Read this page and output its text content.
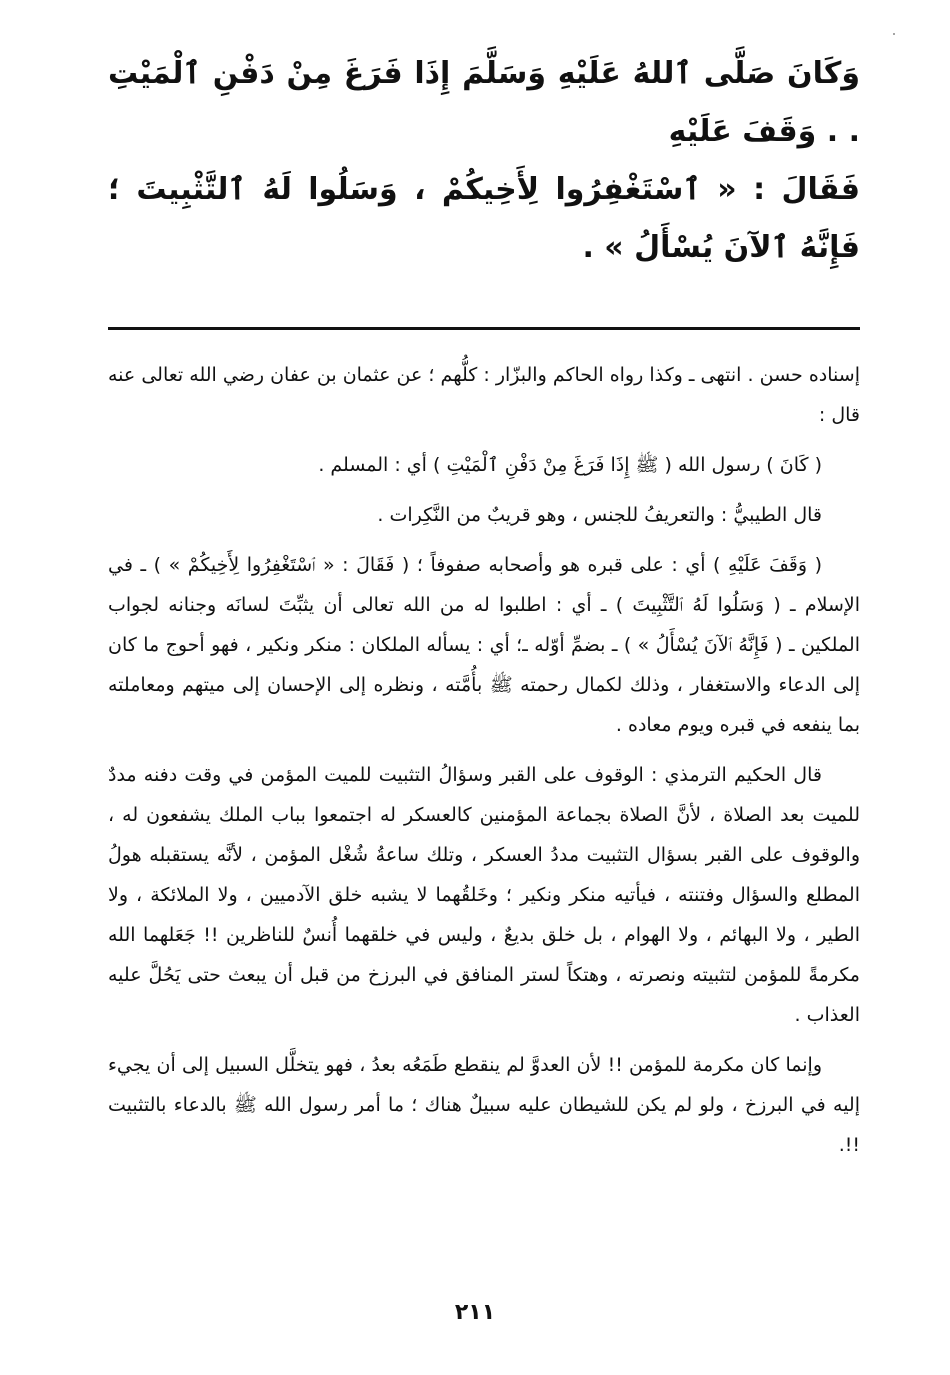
وَكَانَ صَلَّى ٱللهُ عَلَيْهِ وَسَلَّمَ إِذَا فَرَغَ مِنْ دَفْنِ ٱلْمَيْتِ . . وَقَفَ عَلَيْهِ

فَقَالَ : « ٱسْتَغْفِرُوا لِأَخِيكُمْ ، وَسَلُوا لَهُ ٱلتَّثْبِيتَ ؛ فَإِنَّهُ ٱلآنَ يُسْأَلُ » .

إسناده حسن . انتهى ـ وكذا رواه الحاكم والبزّار : كلُّهم ؛ عن عثمان بن عفان رضي الله تعالى عنه قال :

( كَانَ ) رسول الله ( ﷺ إِذَا فَرَغَ مِنْ دَفْنِ ٱلْمَيْتِ ) أي : المسلم .

قال الطيبيُّ : والتعريفُ للجنس ، وهو قريبٌ من النَّكِرات .

( وَقَفَ عَلَيْهِ ) أي : على قبره هو وأصحابه صفوفاً ؛ ( فَقَالَ : « ٱسْتَغْفِرُوا لِأَخِيكُمْ » ) ـ في الإسلام ـ ( وَسَلُوا لَهُ ٱلتَّثْبِيتَ ) ـ أي : اطلبوا له من الله تعالى أن يثبِّتَ لسانَه وجنانه لجواب الملكين ـ ( فَإِنَّهُ ٱلآنَ يُسْأَلُ » ) ـ بضمِّ أوّله ـ؛ أي : يسأله الملكان : منكر ونكير ، فهو أحوج ما كان إلى الدعاء والاستغفار ، وذلك لكمال رحمته ﷺ بأُمَّته ، ونظره إلى الإحسان إلى ميتهم ومعاملته بما ينفعه في قبره ويوم معاده .

قال الحكيم الترمذي : الوقوف على القبر وسؤالُ التثبيت للميت المؤمن في وقت دفنه مددٌ للميت بعد الصلاة ، لأنَّ الصلاة بجماعة المؤمنين كالعسكر له اجتمعوا بباب الملك يشفعون له ، والوقوف على القبر بسؤال التثبيت مددُ العسكر ، وتلك ساعةُ شُغْل المؤمن ، لأنَّه يستقبله هولُ المطلع والسؤال وفتنته ، فيأتيه منكر ونكير ؛ وخَلقُهما لا يشبه خلق الآدميين ، ولا الملائكة ، ولا الطير ، ولا البهائم ، ولا الهوام ، بل خلق بديعٌ ، وليس في خلقهما أُنسٌ للناظرين !! جَعَلهما الله مكرمةً للمؤمن لتثبيته ونصرته ، وهتكاً لستر المنافق في البرزخ من قبل أن يبعث حتى يَحُلَّ عليه العذاب .

وإنما كان مكرمة للمؤمن !! لأن العدوَّ لم ينقطع طَمَعُه بعدُ ، فهو يتخلَّل السبيل إلى أن يجيء إليه في البرزخ ، ولو لم يكن للشيطان عليه سبيلٌ هناك ؛ ما أمر رسول الله ﷺ بالدعاء بالتثبيت !!.

٢١١
